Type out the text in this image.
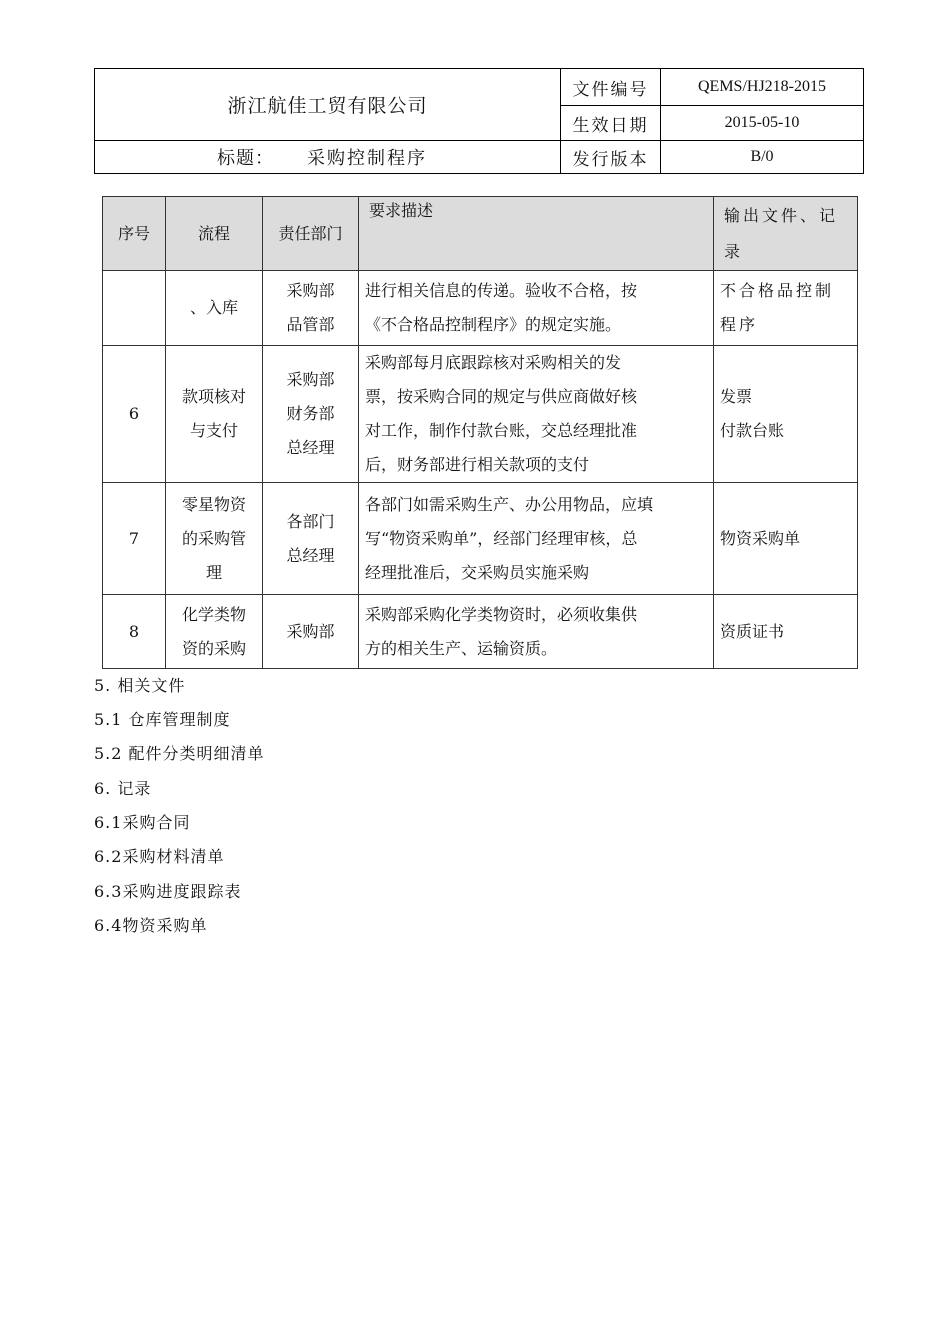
浙江航佳工贸有限公司
文件编号	QEMS/HJ218-2015
生效日期	2015-05-10
标题：	采购控制程序	发行版本	B/0
序号	流程	责任部门	要求描述	输出文件、记
录

	、入库	采购部
品管部	进行相关信息的传递。验收不合格，按
《不合格品控制程序》的规定实施。	不合格品控制
程序

6	款项核对
与支付	采购部
财务部
总经理	采购部每月底跟踪核对采购相关的发
票，按采购合同的规定与供应商做好核
对工作，制作付款台账，交总经理批准
后，财务部进行相关款项的支付	发票
付款台账

7	零星物资
的采购管
理	各部门
总经理	各部门如需采购生产、办公用物品，应填
写“物资采购单”，经部门经理审核，总
经理批准后，交采购员实施采购	物资采购单

8	化学类物
资的采购	采购部	采购部采购化学类物资时，必须收集供
方的相关生产、运输资质。	资质证书
5. 相关文件
5.1 仓库管理制度
5.2 配件分类明细清单
6. 记录
6.1采购合同
6.2采购材料清单
6.3采购进度跟踪表
6.4物资采购单
